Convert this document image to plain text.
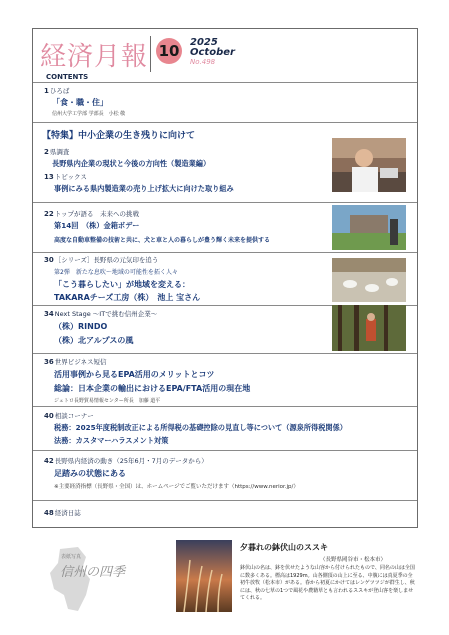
経済月報 10 2025
October
No.498
CONTENTS
1ひろば
「食・職・住」
信州大学工学部 学部長　小松 敬
【特集】中小企業の生き残りに向けて
2県調査
長野県内企業の現状と今後の方向性（製造業編）
13トピックス
事例にみる県内製造業の売り上げ拡大に向けた取り組み
22トップが語る　未来への挑戦
第14回　（株）金箱ボデー
高度な自動車整備の技術と共に、犬と車と人の暮らしが豊う輝く未来を提供する
30［シリーズ］長野県の元気印を追う
第2弾　新たな息吹～地域の可能性を拓く人々
「こう暮らしたい」が地域を変える：
TAKARAチーズ工房（株）　池上 宝さん
34Next Stage ～ITで挑む信州企業～
（株）RINDO
（株）北アルプスの風
36世界ビジネス短信
活用事例から見るEPA活用のメリットとコツ
総論：日本企業の輸出におけるEPA/FTA活用の現在地
ジェトロ長野貿易情報センター所長　加藤 道平
40相談コーナー
税務：2025年度税制改正による所得税の基礎控除の見直し等について（源泉所得税関係）
法務：カスタマーハラスメント対策
42長野県内経済の動き（25年6月・7月のデータから）
足踏みの状態にある
※主要経済指標（長野県・全国）は、ホームページでご覧いただけます（https://www.nerior.jp/）
48経済日誌
表紙写真
信州の四季
夕暮れの鉢伏山のススキ
（長野県岡谷市・松本市）
鉢伏山の名は、鉢を伏せたような山容から付けられたもので、同名の山は全国に数多くある。標高は1929m。山各側頂の山上に至る、中腹には真夏季の全初牛放牧（松本市）がある。春から初夏にかけてはレンゲツツジが群生し、秋には、秋の七草の1つで風花や農籍草とも言われるススキが登山客を楽しませてくれる。
